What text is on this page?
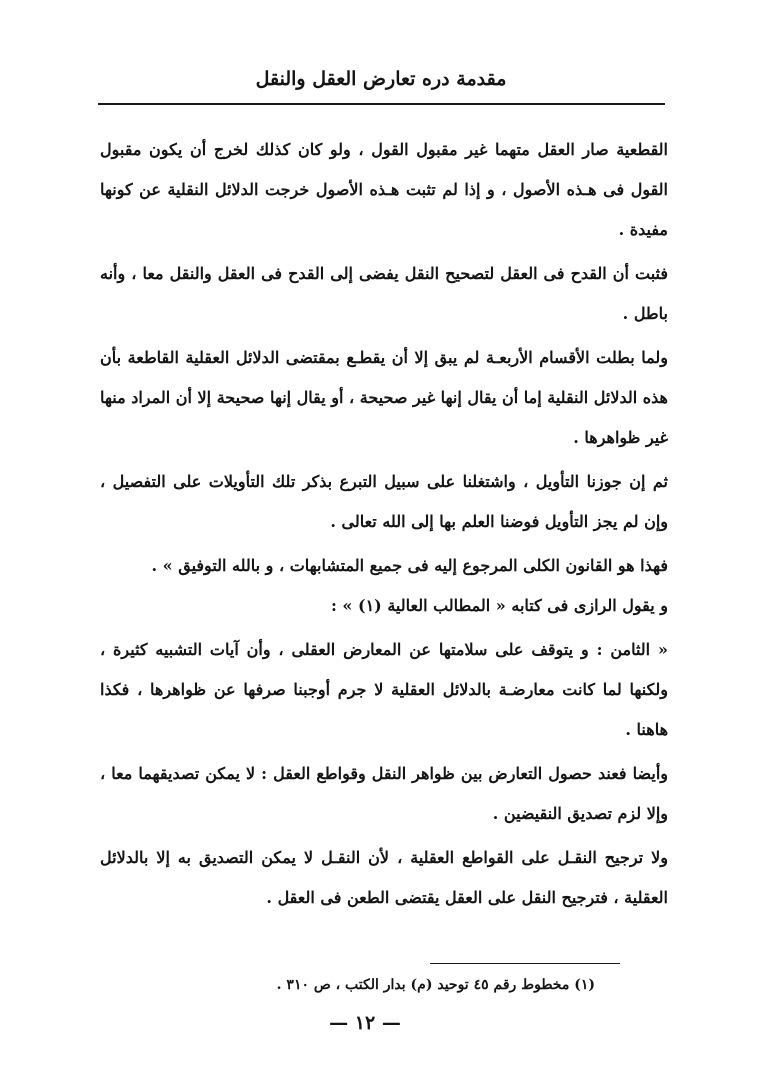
مقدمة دره تعارض العقل والنقل

القطعية صار العقل متهما غير مقبول القول ، ولو كان كذلك لخرج أن يكون مقبول القول فى هـذه الأصول ، و إذا لم تثبت هـذه الأصول خرجت الدلائل النقلية عن كونها مفيدة .

فثبت أن القدح فى العقل لتصحيح النقل يفضى إلى القدح فى العقل والنقل معا ، وأنه باطل .

ولما بطلت الأقسام الأربعـة لم يبق إلا أن يقطـع بمقتضى الدلائل العقلية القاطعة بأن هذه الدلائل النقلية إما أن يقال إنها غير صحيحة ، أو يقال إنها صحيحة إلا أن المراد منها غير ظواهرها .

ثم إن جوزنا التأويل ، واشتغلنا على سبيل التبرع بذكر تلك التأويلات على التفصيل ، وإن لم يجز التأويل فوضنا العلم بها إلى الله تعالى .

فهذا هو القانون الكلى المرجوع إليه فى جميع المتشابهات ، و بالله التوفيق » .

و يقول الرازى فى كتابه « المطالب العالية (١) » :

« الثامن : و يتوقف على سلامتها عن المعارض العقلى ، وأن آيات التشبيه كثيرة ، ولكنها لما كانت معارضـة بالدلائل العقلية لا جرم أوجبنا صرفها عن ظواهرها ، فكذا هاهنا .

وأيضا فعند حصول التعارض بين ظواهر النقل وقواطع العقل : لا يمكن تصديقهما معا ، وإلا لزم تصديق النقيضين .

ولا ترجيح النقـل على القواطع العقلية ، لأن النقـل لا يمكن التصديق به إلا بالدلائل العقلية ، فترجيح النقل على العقل يقتضى الطعن فى العقل .

(١) مخطوط رقم ٤٥ توحيد (م) بدار الكتب ، ص ٣١٠ .
— ١٢ —
